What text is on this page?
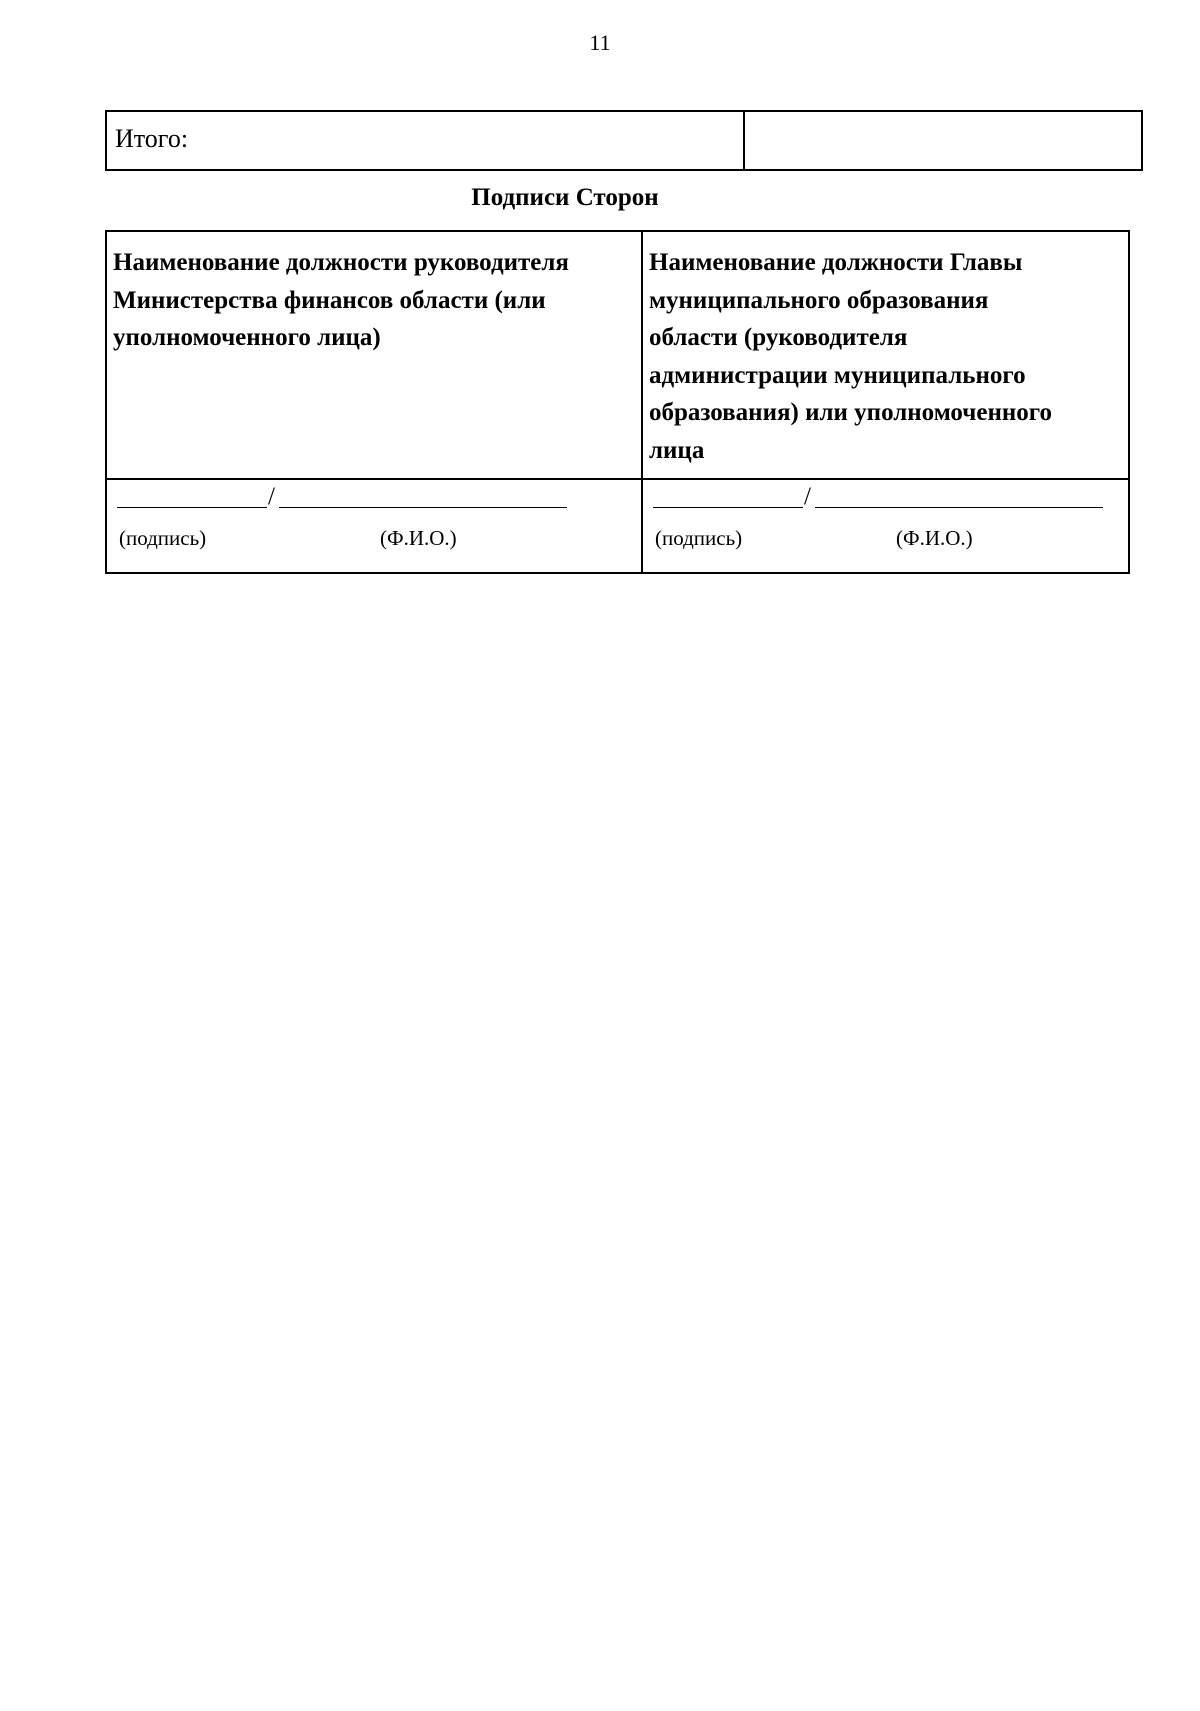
11
Итого:
Подписи Сторон
Наименование должности руководителя
Министерства финансов области (или
уполномоченного лица)
/
(подпись)	(Ф.И.О.)
Наименование должности Главы
муниципального образования
области (руководителя
администрации муниципального
образования) или уполномоченного
лица
/
(подпись)	(Ф.И.О.)
